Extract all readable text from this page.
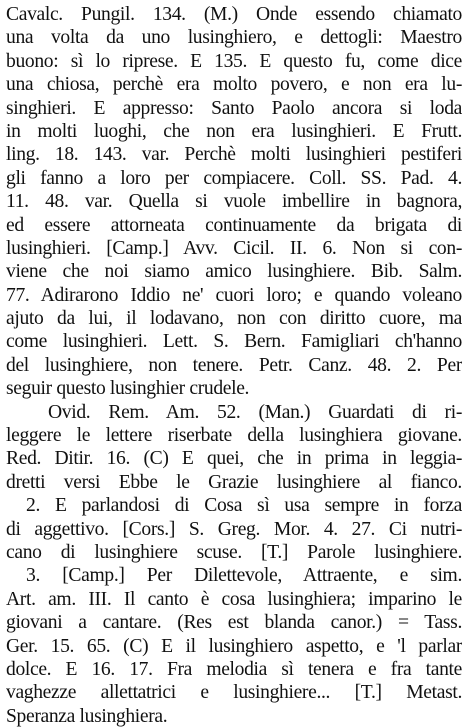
Cavalc. Pungil. 134. (M.) Onde essendo chiamato
una volta da uno lusinghiero, e dettogli: Maestro
buono: sì lo riprese. E 135. E questo fu, come dice
una chiosa, perchè era molto povero, e non era lu-
singhieri. E appresso: Santo Paolo ancora si loda
in molti luoghi, che non era lusinghieri. E Frutt.
ling. 18. 143. var. Perchè molti lusinghieri pestiferi
gli fanno a loro per compiacere. Coll. SS. Pad. 4.
11. 48. var. Quella si vuole imbellire in bagnora,
ed essere attorneata continuamente da brigata di
lusinghieri. [Camp.] Avv. Cicil. II. 6. Non si con-
viene che noi siamo amico lusinghiere. Bib. Salm.
77. Adirarono Iddio ne' cuori loro; e quando voleano
ajuto da lui, il lodavano, non con diritto cuore, ma
come lusinghieri. Lett. S. Bern. Famigliari ch'hanno
del lusinghiere, non tenere. Petr. Canz. 48. 2. Per
seguir questo lusinghier crudele.
Ovid. Rem. Am. 52. (Man.) Guardati di ri-
leggere le lettere riserbate della lusinghiera giovane.
Red. Ditir. 16. (C) E quei, che in prima in leggia-
dretti versi Ebbe le Grazie lusinghiere al fianco.
2. E parlandosi di Cosa sì usa sempre in forza
di aggettivo. [Cors.] S. Greg. Mor. 4. 27. Ci nutri-
cano di lusinghiere scuse. [T.] Parole lusinghiere.
3. [Camp.] Per Dilettevole, Attraente, e sim.
Art. am. III. Il canto è cosa lusinghiera; imparino le
giovani a cantare. (Res est blanda canor.) = Tass.
Ger. 15. 65. (C) E il lusinghiero aspetto, e 'l parlar
dolce. E 16. 17. Fra melodia sì tenera e fra tante
vaghezze allettatrici e lusinghiere... [T.] Metast.
Speranza lusinghiera.
